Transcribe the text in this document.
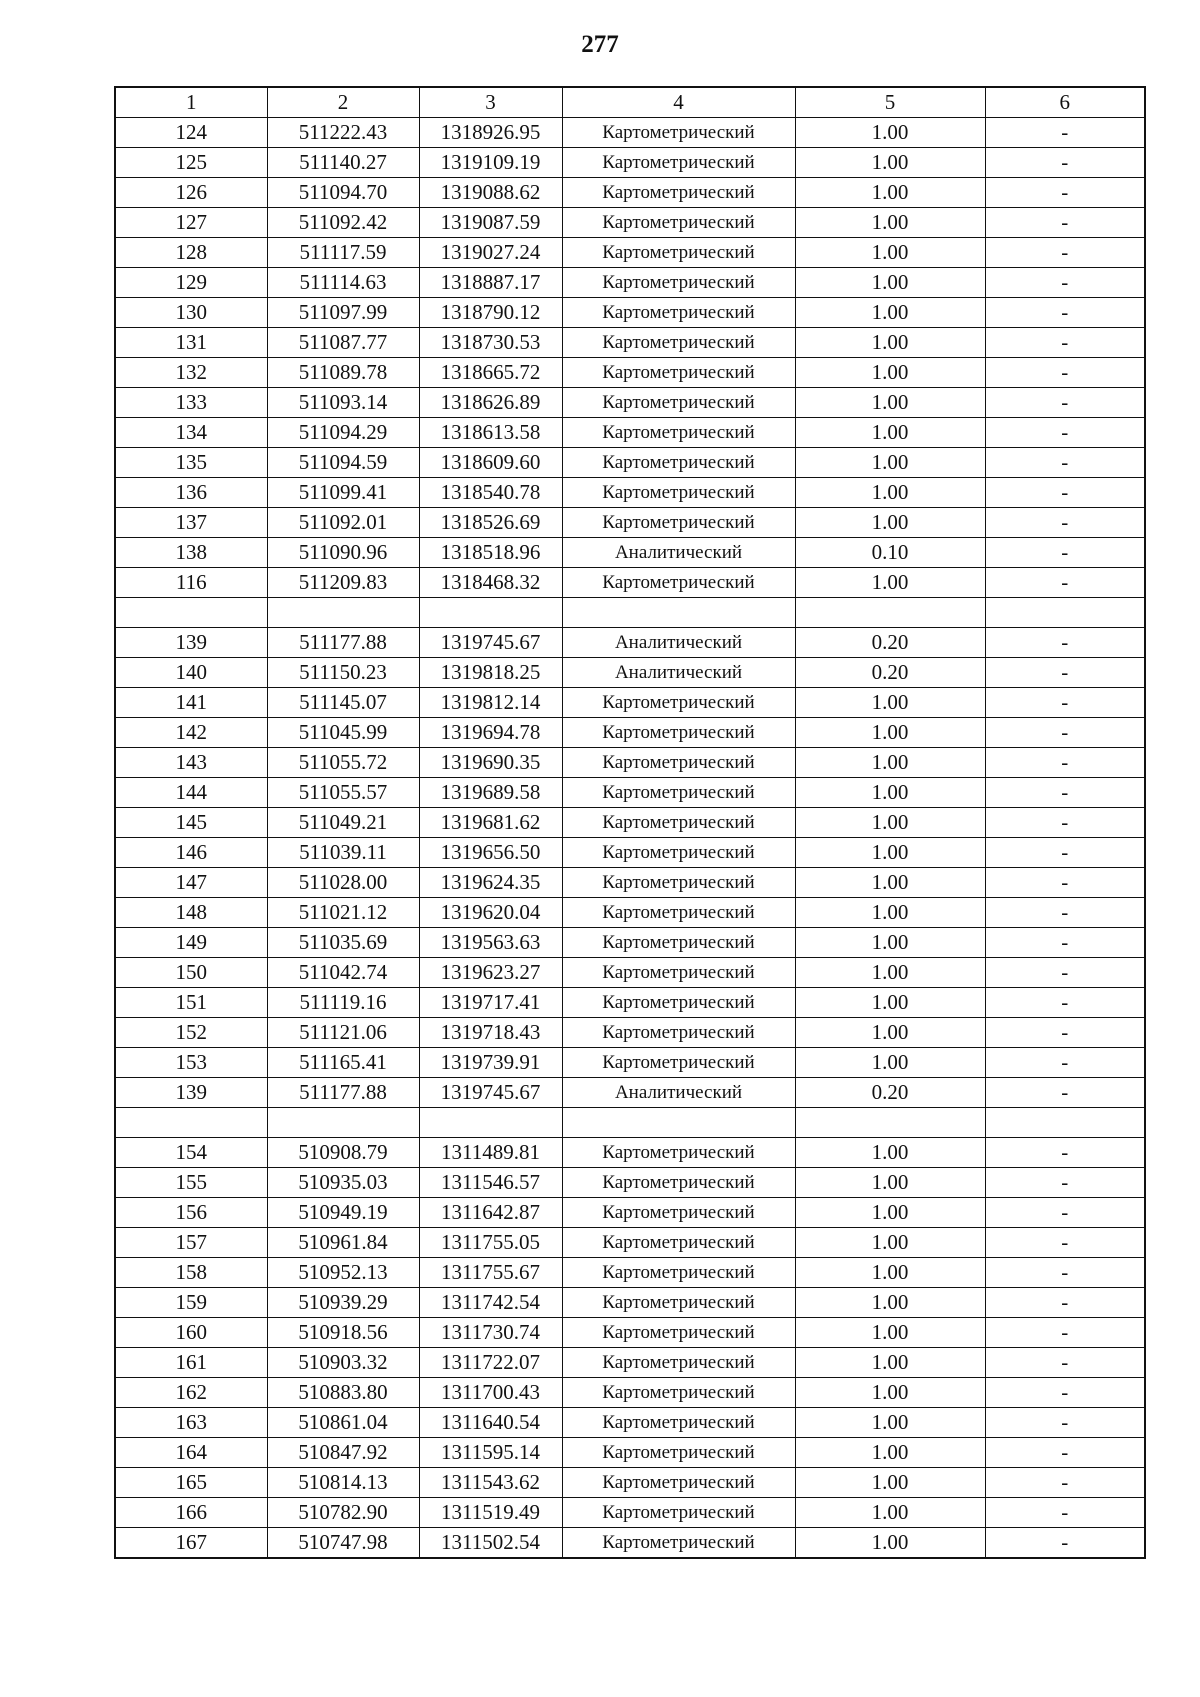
277
1	2	3	4	5	6
124	511222.43	1318926.95	Картометрический	1.00	-
125	511140.27	1319109.19	Картометрический	1.00	-
126	511094.70	1319088.62	Картометрический	1.00	-
127	511092.42	1319087.59	Картометрический	1.00	-
128	511117.59	1319027.24	Картометрический	1.00	-
129	511114.63	1318887.17	Картометрический	1.00	-
130	511097.99	1318790.12	Картометрический	1.00	-
131	511087.77	1318730.53	Картометрический	1.00	-
132	511089.78	1318665.72	Картометрический	1.00	-
133	511093.14	1318626.89	Картометрический	1.00	-
134	511094.29	1318613.58	Картометрический	1.00	-
135	511094.59	1318609.60	Картометрический	1.00	-
136	511099.41	1318540.78	Картометрический	1.00	-
137	511092.01	1318526.69	Картометрический	1.00	-
138	511090.96	1318518.96	Аналитический	0.10	-
116	511209.83	1318468.32	Картометрический	1.00	-

139	511177.88	1319745.67	Аналитический	0.20	-
140	511150.23	1319818.25	Аналитический	0.20	-
141	511145.07	1319812.14	Картометрический	1.00	-
142	511045.99	1319694.78	Картометрический	1.00	-
143	511055.72	1319690.35	Картометрический	1.00	-
144	511055.57	1319689.58	Картометрический	1.00	-
145	511049.21	1319681.62	Картометрический	1.00	-
146	511039.11	1319656.50	Картометрический	1.00	-
147	511028.00	1319624.35	Картометрический	1.00	-
148	511021.12	1319620.04	Картометрический	1.00	-
149	511035.69	1319563.63	Картометрический	1.00	-
150	511042.74	1319623.27	Картометрический	1.00	-
151	511119.16	1319717.41	Картометрический	1.00	-
152	511121.06	1319718.43	Картометрический	1.00	-
153	511165.41	1319739.91	Картометрический	1.00	-
139	511177.88	1319745.67	Аналитический	0.20	-

154	510908.79	1311489.81	Картометрический	1.00	-
155	510935.03	1311546.57	Картометрический	1.00	-
156	510949.19	1311642.87	Картометрический	1.00	-
157	510961.84	1311755.05	Картометрический	1.00	-
158	510952.13	1311755.67	Картометрический	1.00	-
159	510939.29	1311742.54	Картометрический	1.00	-
160	510918.56	1311730.74	Картометрический	1.00	-
161	510903.32	1311722.07	Картометрический	1.00	-
162	510883.80	1311700.43	Картометрический	1.00	-
163	510861.04	1311640.54	Картометрический	1.00	-
164	510847.92	1311595.14	Картометрический	1.00	-
165	510814.13	1311543.62	Картометрический	1.00	-
166	510782.90	1311519.49	Картометрический	1.00	-
167	510747.98	1311502.54	Картометрический	1.00	-
